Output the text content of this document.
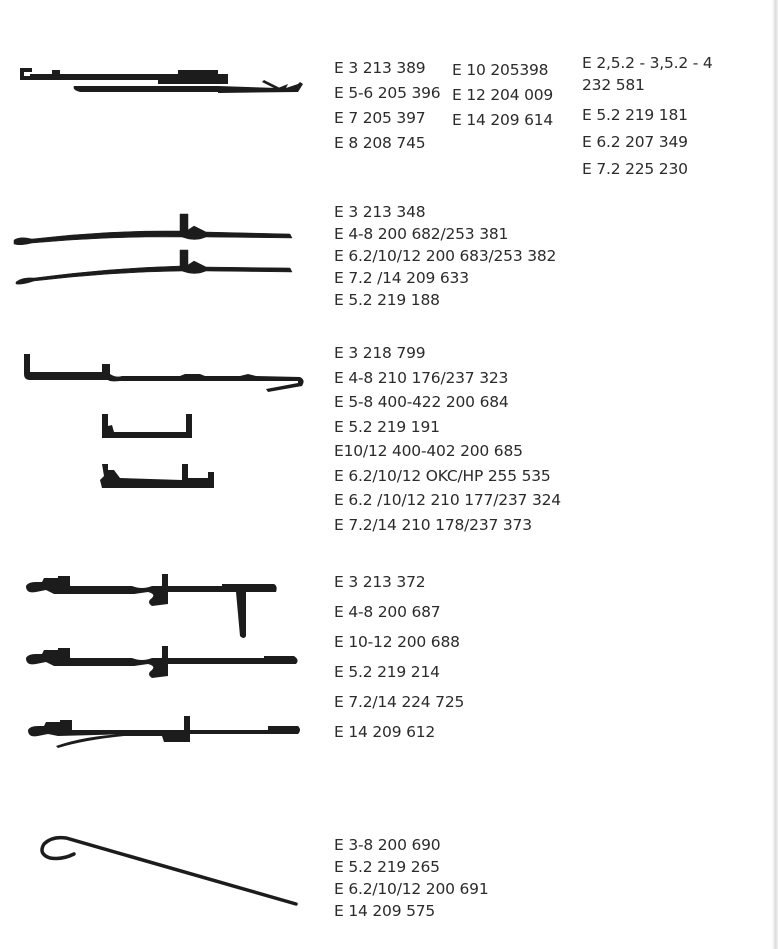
E 3 213 389
E 5-6 205 396
E 7 205 397
E 8 208 745
E 10 205398
E 12 204 009
E 14 209 614
E 2,5.2 - 3,5.2 - 4
232 581
E 5.2 219 181
E 6.2 207 349
E 7.2 225 230
E 3 213 348
E 4-8 200 682/253 381
E 6.2/10/12 200 683/253 382
E 7.2 /14 209 633
E 5.2 219 188
E 3 218 799
E 4-8 210 176/237 323
E 5-8 400-422 200 684
E 5.2 219 191
E10/12 400-402 200 685
E 6.2/10/12 OKC/HP 255 535
E 6.2 /10/12 210 177/237 324
E 7.2/14 210 178/237 373
E 3 213 372
E 4-8 200 687
E 10-12 200 688
E 5.2 219 214
E 7.2/14 224 725
E 14 209 612
E 3-8 200 690
E 5.2 219 265
E 6.2/10/12 200 691
E 14 209 575
